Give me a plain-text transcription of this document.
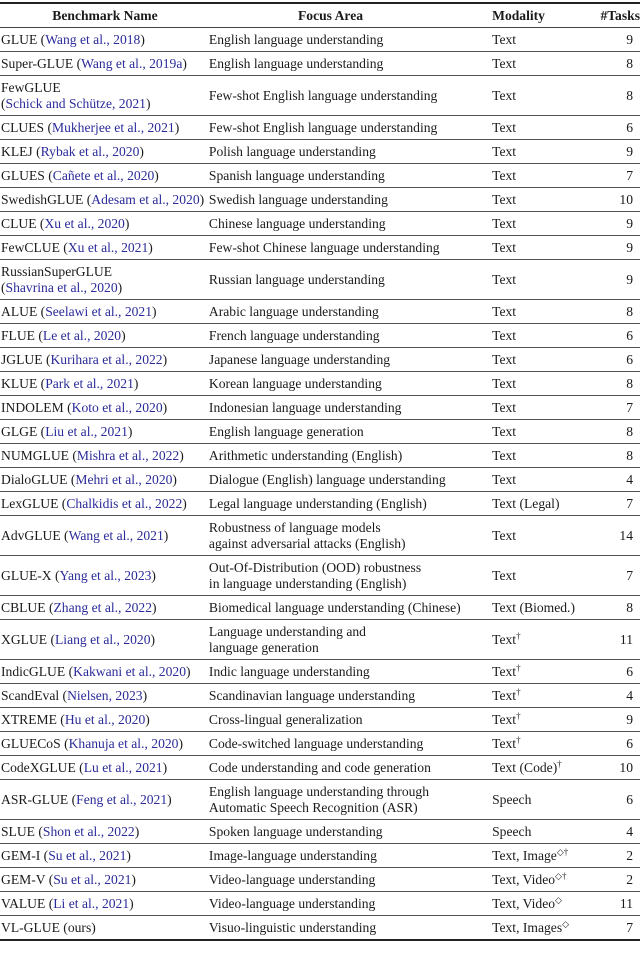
Benchmark Name	Focus Area	Modality	#Tasks
GLUE (Wang et al., 2018)	English language understanding	Text	9
Super-GLUE (Wang et al., 2019a)	English language understanding	Text	8

FewGLUE
(Schick and Schütze, 2021)	Few-shot English language understanding	Text	8
CLUES (Mukherjee et al., 2021)	Few-shot English language understanding	Text	6
KLEJ (Rybak et al., 2020)	Polish language understanding	Text	9
GLUES (Cañete et al., 2020)	Spanish language understanding	Text	7
SwedishGLUE (Adesam et al., 2020)	Swedish language understanding	Text	10
CLUE (Xu et al., 2020)	Chinese language understanding	Text	9
FewCLUE (Xu et al., 2021)	Few-shot Chinese language understanding	Text	9

RussianSuperGLUE
(Shavrina et al., 2020)	Russian language understanding	Text	9
ALUE (Seelawi et al., 2021)	Arabic language understanding	Text	8
FLUE (Le et al., 2020)	French language understanding	Text	6
JGLUE (Kurihara et al., 2022)	Japanese language understanding	Text	6
KLUE (Park et al., 2021)	Korean language understanding	Text	8
INDOLEM (Koto et al., 2020)	Indonesian language understanding	Text	7
GLGE (Liu et al., 2021)	English language generation	Text	8
NUMGLUE (Mishra et al., 2022)	Arithmetic understanding (English)	Text	8
DialoGLUE (Mehri et al., 2020)	Dialogue (English) language understanding	Text	4
LexGLUE (Chalkidis et al., 2022)	Legal language understanding (English)	Text (Legal)	7
AdvGLUE (Wang et al., 2021)	Robustness of language models
against adversarial attacks (English)	Text	14
GLUE-X (Yang et al., 2023)	Out-Of-Distribution (OOD) robustness
in language understanding (English)	Text	7
CBLUE (Zhang et al., 2022)	Biomedical language understanding (Chinese)	Text (Biomed.)	8
XGLUE (Liang et al., 2020)	Language understanding and
language generation	Text†	11
IndicGLUE (Kakwani et al., 2020)	Indic language understanding	Text†	6
ScandEval (Nielsen, 2023)	Scandinavian language understanding	Text†	4
XTREME (Hu et al., 2020)	Cross-lingual generalization	Text†	9
GLUECoS (Khanuja et al., 2020)	Code-switched language understanding	Text†	6
CodeXGLUE (Lu et al., 2021)	Code understanding and code generation	Text (Code)†	10
ASR-GLUE (Feng et al., 2021)	English language understanding through
Automatic Speech Recognition (ASR)	Speech	6
SLUE (Shon et al., 2022)	Spoken language understanding	Speech	4
GEM-I (Su et al., 2021)	Image-language understanding	Text, Image◇†	2
GEM-V (Su et al., 2021)	Video-language understanding	Text, Video◇†	2
VALUE (Li et al., 2021)	Video-language understanding	Text, Video◇	11
VL-GLUE (ours)	Visuo-linguistic understanding	Text, Images◇	7
